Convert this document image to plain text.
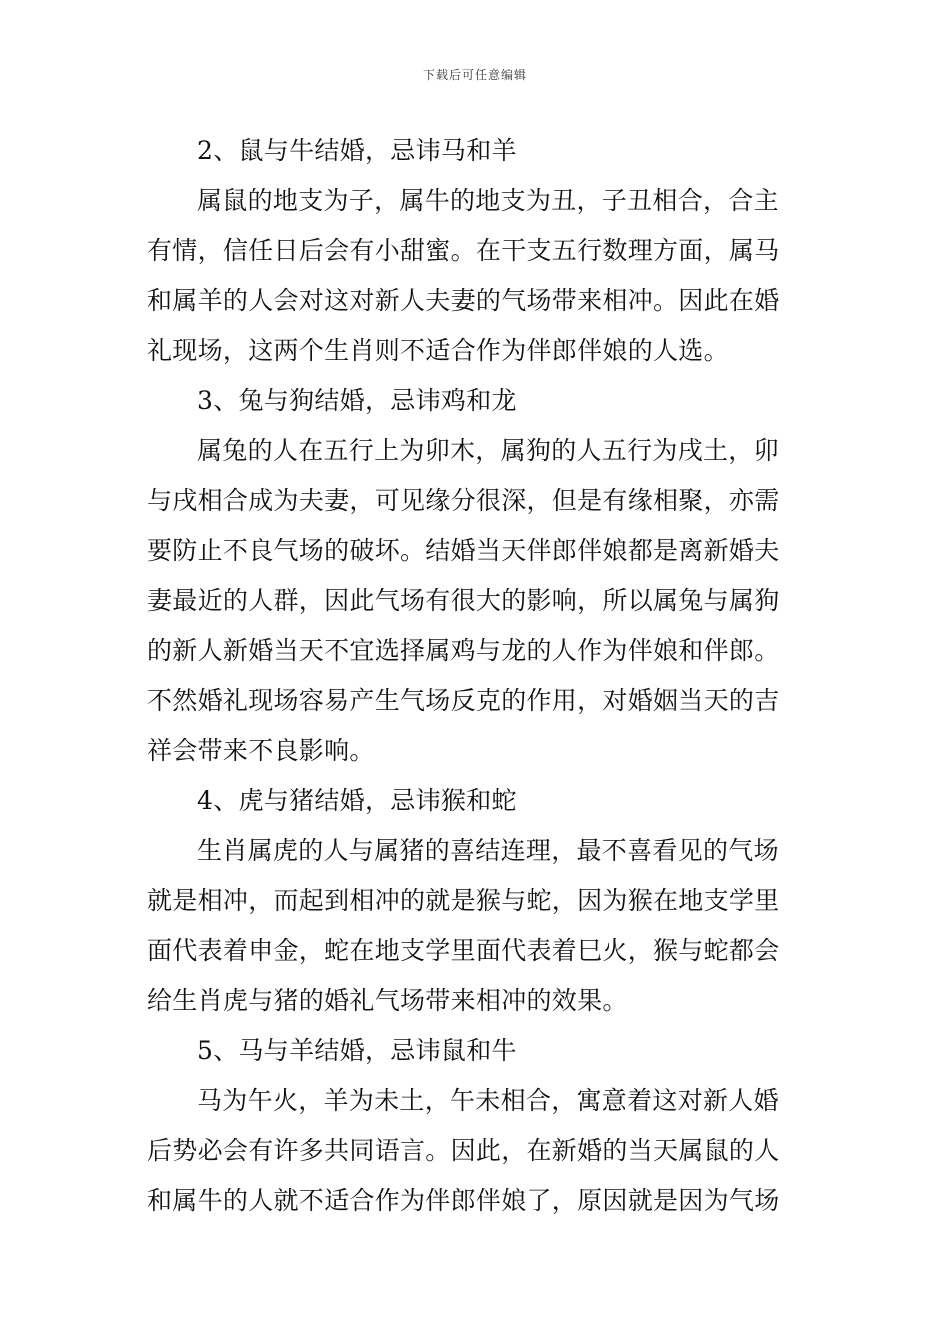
下载后可任意编辑
2、鼠与牛结婚，忌讳马和羊
属鼠的地支为子，属牛的地支为丑，子丑相合，合主
有情，信任日后会有小甜蜜。在干支五行数理方面，属马
和属羊的人会对这对新人夫妻的气场带来相冲。因此在婚
礼现场，这两个生肖则不适合作为伴郎伴娘的人选。
3、兔与狗结婚，忌讳鸡和龙
属兔的人在五行上为卯木，属狗的人五行为戌土，卯
与戌相合成为夫妻，可见缘分很深，但是有缘相聚，亦需
要防止不良气场的破坏。结婚当天伴郎伴娘都是离新婚夫
妻最近的人群，因此气场有很大的影响，所以属兔与属狗
的新人新婚当天不宜选择属鸡与龙的人作为伴娘和伴郎。
不然婚礼现场容易产生气场反克的作用，对婚姻当天的吉
祥会带来不良影响。
4、虎与猪结婚，忌讳猴和蛇
生肖属虎的人与属猪的喜结连理，最不喜看见的气场
就是相冲，而起到相冲的就是猴与蛇，因为猴在地支学里
面代表着申金，蛇在地支学里面代表着巳火，猴与蛇都会
给生肖虎与猪的婚礼气场带来相冲的效果。
5、马与羊结婚，忌讳鼠和牛
马为午火，羊为未土，午未相合，寓意着这对新人婚
后势必会有许多共同语言。因此，在新婚的当天属鼠的人
和属牛的人就不适合作为伴郎伴娘了，原因就是因为气场
